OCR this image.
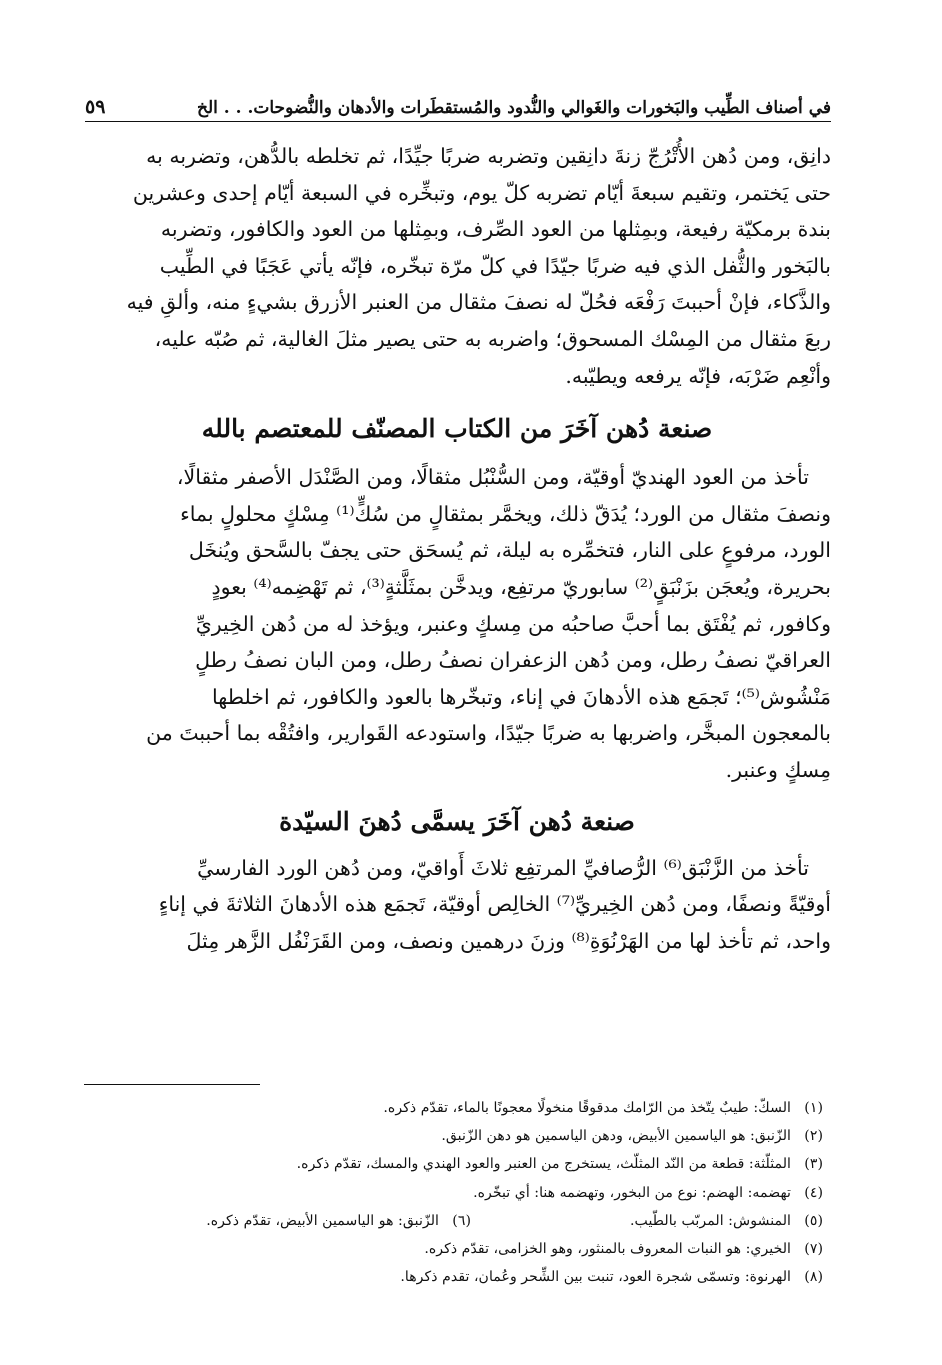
في أصناف الطِّيب والبَخورات والغَوالي والنُّدود والمُستقطَرات والأدهان والنُّضوحات. . . الخ
٥٩

دانِق، ومن دُهن الأُتْرُجّ زنةَ دانِقين وتضربه ضربًا جيِّدًا، ثم تخلطه بالدُّهن، وتضربه به

حتى يَختمر، وتقيم سبعةَ أيّام تضربه كلّ يوم، وتبخِّره في السبعة أيّام إحدى وعشرين

بندة برمكيّة رفيعة، وبمِثلها من العود الصِّرف، وبمِثلها من العود والكافور، وتضربه

بالبَخور والثُّفل الذي فيه ضربًا جيّدًا في كلّ مرّة تبخّره، فإنّه يأتي عَجَبًا في الطِّيب

والذَّكاء، فإنْ أحببتَ رَفْعَه فحُلّ له نصفَ مثقال من العنبر الأزرق بشيءٍ منه، وألقِ فيه

ربعَ مثقال من المِسْك المسحوق؛ واضربه به حتى يصير مثلَ الغالية، ثم صُبّه عليه،

وأنْعِم ضَرْبَه، فإنّه يرفعه ويطيّبه.

صنعة دُهن آخَرَ من الكتاب المصنّف للمعتصم بالله

تأخذ من العود الهنديّ أوقيّة، ومن السُّنْبُل مثقالًا، ومن الصَّنْدَل الأصفر مثقالًا،

ونصفَ مثقال من الورد؛ يُدَقّ ذلك، ويخمَّر بمثقالٍ من سُكٍّ⁽¹⁾ مِسْكٍ محلولٍ بماء

الورد، مرفوعٍ على النار، فتخمِّره به ليلة، ثم يُسحَق حتى يجفّ بالسَّحق ويُنخَل

بحريرة، ويُعجَن بزَنْبَقٍ⁽²⁾ سابوريّ مرتفِع، ويدخَّن بمثَلَّثةٍ⁽³⁾، ثم تَهْضِمه⁽⁴⁾ بعودٍ

وكافور، ثم يُفْتَق بما أحبَّ صاحبُه من مِسكٍ وعنبر، ويؤخذ له من دُهن الخِيريِّ

العراقيّ نصفُ رطل، ومن دُهن الزعفران نصفُ رطل، ومن البان نصفُ رطلٍ

مَنْشُوش⁽⁵⁾؛ تَجمَع هذه الأدهانَ في إناء، وتبخّرها بالعود والكافور، ثم اخلطها

بالمعجون المبخَّر، واضربها به ضربًا جيّدًا، واستودعه القَوارير، وافتُقْه بما أحببتَ من

مِسكٍ وعنبر.

صنعة دُهن آخَرَ يسمَّى دُهنَ السيّدة

تأخذ من الزَّنْبَق⁽⁶⁾ الرُّصافيِّ المرتفِع ثلاثَ أَواقيّ، ومن دُهن الورد الفارسيِّ

أوقيّةً ونصفًا، ومن دُهن الخِيريِّ⁽⁷⁾ الخالِص أوقيّة، تَجمَع هذه الأدهانَ الثلاثةَ في إناءٍ

واحد، ثم تأخذ لها من الهَرْنُوَةِ⁽⁸⁾ وزنَ درهمين ونصف، ومن القَرَنْفُل الزَّهر مِثلَ

(١)
السكّ: طيبٌ يتّخذ من الرّامك مدقوقًا منخولًا معجونًا بالماء، تقدّم ذكره.
(٢)
الزّنبق: هو الياسمين الأبيض، ودهن الياسمين هو دهن الزّنبق.
(٣)
المثلّثة: قطعة من النّد المثلّث، يستخرج من العنبر والعود الهندي والمسك، تقدّم ذكره.
(٤)
تهضمه: الهضم: نوع من البخور، وتهضمه هنا: أي تبخّره.
(٥)
المنشوش: المربّب بالطّيب.
(٦)
الزّنبق: هو الياسمين الأبيض، تقدّم ذكره.
(٧)
الخيري: هو النبات المعروف بالمنثور، وهو الخزامى، تقدّم ذكره.
(٨)
الهرنوة: وتسمّى شجرة العود، تنبت بين الشِّحر وعُمان، تقدم ذكرها.
